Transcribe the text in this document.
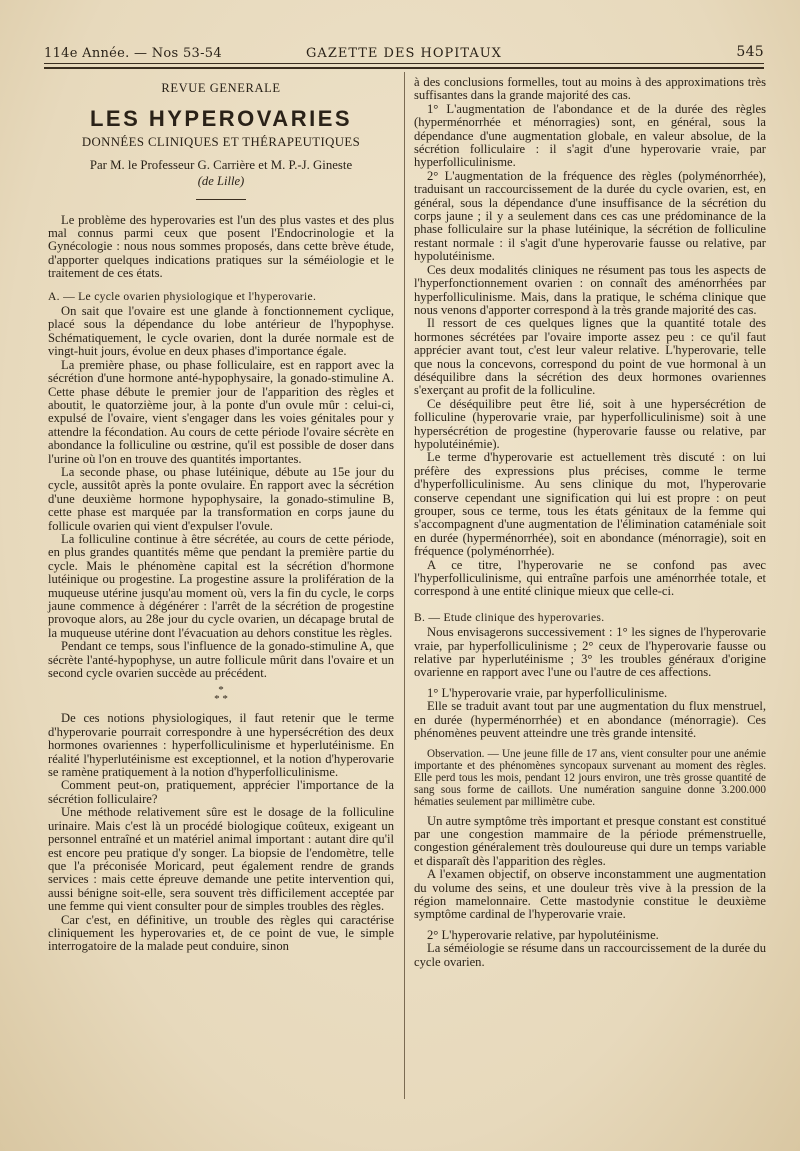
114e Année. — Nos 53-54	GAZETTE DES HOPITAUX	545

REVUE GENERALE

LES HYPEROVARIES

DONNÉES CLINIQUES ET THÉRAPEUTIQUES

Par M. le Professeur G. Carrière et M. P.-J. Gineste

(de Lille)

Le problème des hyperovaries est l'un des plus vastes et des plus mal connus parmi ceux que posent l'Endocrinologie et la Gynécologie : nous nous sommes proposés, dans cette brève étude, d'apporter quelques indications pratiques sur la séméiologie et le traitement de ces états.

A. — Le cycle ovarien physiologique et l'hyperovarie.

On sait que l'ovaire est une glande à fonctionnement cyclique, placé sous la dépendance du lobe antérieur de l'hypophyse. Schématiquement, le cycle ovarien, dont la durée normale est de vingt-huit jours, évolue en deux phases d'importance égale.

La première phase, ou phase folliculaire, est en rapport avec la sécrétion d'une hormone anté-hypophysaire, la gonado-stimuline A. Cette phase débute le premier jour de l'apparition des règles et aboutit, le quatorzième jour, à la ponte d'un ovule mûr : celui-ci, expulsé de l'ovaire, vient s'engager dans les voies génitales pour y attendre la fécondation. Au cours de cette période l'ovaire sécrète en abondance la folliculine ou œstrine, qu'il est possible de doser dans l'urine où l'on en trouve des quantités importantes.

La seconde phase, ou phase lutéinique, débute au 15e jour du cycle, aussitôt après la ponte ovulaire. En rapport avec la sécrétion d'une deuxième hormone hypophysaire, la gonado-stimuline B, cette phase est marquée par la transformation en corps jaune du follicule ovarien qui vient d'expulser l'ovule.

La folliculine continue à être sécrétée, au cours de cette période, en plus grandes quantités même que pendant la première partie du cycle. Mais le phénomène capital est la sécrétion d'hormone lutéinique ou progestine. La progestine assure la prolifération de la muqueuse utérine jusqu'au moment où, vers la fin du cycle, le corps jaune commence à dégénérer : l'arrêt de la sécrétion de progestine provoque alors, au 28e jour du cycle ovarien, un décapage brutal de la muqueuse utérine dont l'évacuation au dehors constitue les règles.

Pendant ce temps, sous l'influence de la gonado-stimuline A, que sécrète l'anté-hypophyse, un autre follicule mûrit dans l'ovaire et un second cycle ovarien succède au précédent.

*
* *

De ces notions physiologiques, il faut retenir que le terme d'hyperovarie pourrait correspondre à une hypersécrétion des deux hormones ovariennes : hyperfolliculinisme et hyperlutéinisme. En réalité l'hyperlutéinisme est exceptionnel, et la notion d'hyperovarie se ramène pratiquement à la notion d'hyperfolliculinisme.

Comment peut-on, pratiquement, apprécier l'importance de la sécrétion folliculaire?

Une méthode relativement sûre est le dosage de la folliculine urinaire. Mais c'est là un procédé biologique coûteux, exigeant un personnel entraîné et un matériel animal important : autant dire qu'il est encore peu pratique d'y songer. La biopsie de l'endomètre, telle que l'a préconisée Moricard, peut également rendre de grands services : mais cette épreuve demande une petite intervention qui, aussi bénigne soit-elle, sera souvent très difficilement acceptée par une femme qui vient consulter pour de simples troubles des règles.

Car c'est, en définitive, un trouble des règles qui caractérise cliniquement les hyperovaries et, de ce point de vue, le simple interrogatoire de la malade peut conduire, sinon

à des conclusions formelles, tout au moins à des approximations très suffisantes dans la grande majorité des cas.

1° L'augmentation de l'abondance et de la durée des règles (hyperménorrhée et ménorragies) sont, en général, sous la dépendance d'une augmentation globale, en valeur absolue, de la sécrétion folliculaire : il s'agit d'une hyperovarie vraie, par hyperfolliculinisme.

2° L'augmentation de la fréquence des règles (polyménorrhée), traduisant un raccourcissement de la durée du cycle ovarien, est, en général, sous la dépendance d'une insuffisance de la sécrétion du corps jaune ; il y a seulement dans ces cas une prédominance de la phase folliculaire sur la phase lutéinique, la sécrétion de folliculine restant normale : il s'agit d'une hyperovarie fausse ou relative, par hypolutéinisme.

Ces deux modalités cliniques ne résument pas tous les aspects de l'hyperfonctionnement ovarien : on connaît des aménorrhées par hyperfolliculinisme. Mais, dans la pratique, le schéma clinique que nous venons d'apporter correspond à la très grande majorité des cas.

Il ressort de ces quelques lignes que la quantité totale des hormones sécrétées par l'ovaire importe assez peu : ce qu'il faut apprécier avant tout, c'est leur valeur relative. L'hyperovarie, telle que nous la concevons, correspond du point de vue hormonal à un déséquilibre dans la sécrétion des deux hormones ovariennes s'exerçant au profit de la folliculine.

Ce déséquilibre peut être lié, soit à une hypersécrétion de folliculine (hyperovarie vraie, par hyperfolliculinisme) soit à une hypersécrétion de progestine (hyperovarie fausse ou relative, par hypolutéinémie).

Le terme d'hyperovarie est actuellement très discuté : on lui préfère des expressions plus précises, comme le terme d'hyperfolliculinisme. Au sens clinique du mot, l'hyperovarie conserve cependant une signification qui lui est propre : on peut grouper, sous ce terme, tous les états génitaux de la femme qui s'accompagnent d'une augmentation de l'élimination cataméniale soit en durée (hyperménorrhée), soit en abondance (ménorragie), soit en fréquence (polyménorrhée).

A ce titre, l'hyperovarie ne se confond pas avec l'hyperfolliculinisme, qui entraîne parfois une aménorrhée totale, et correspond à une entité clinique mieux que celle-ci.

B. — Etude clinique des hyperovaries.

Nous envisagerons successivement : 1° les signes de l'hyperovarie vraie, par hyperfolliculinisme ; 2° ceux de l'hyperovarie fausse ou relative par hyperlutéinisme ; 3° les troubles généraux d'origine ovarienne en rapport avec l'une ou l'autre de ces affections.

1° L'hyperovarie vraie, par hyperfolliculinisme.

Elle se traduit avant tout par une augmentation du flux menstruel, en durée (hyperménorrhée) et en abondance (ménorragie). Ces phénomènes peuvent atteindre une très grande intensité.

Observation. — Une jeune fille de 17 ans, vient consulter pour une anémie importante et des phénomènes syncopaux survenant au moment des règles. Elle perd tous les mois, pendant 12 jours environ, une très grosse quantité de sang sous forme de caillots. Une numération sanguine donne 3.200.000 hématies seulement par millimètre cube.

Un autre symptôme très important et presque constant est constitué par une congestion mammaire de la période prémenstruelle, congestion généralement très douloureuse qui dure un temps variable et disparaît dès l'apparition des règles.

A l'examen objectif, on observe inconstamment une augmentation du volume des seins, et une douleur très vive à la pression de la région mamelonnaire. Cette mastodynie constitue le deuxième symptôme cardinal de l'hyperovarie vraie.

2° L'hyperovarie relative, par hypolutéinisme.

La séméiologie se résume dans un raccourcissement de la durée du cycle ovarien.
